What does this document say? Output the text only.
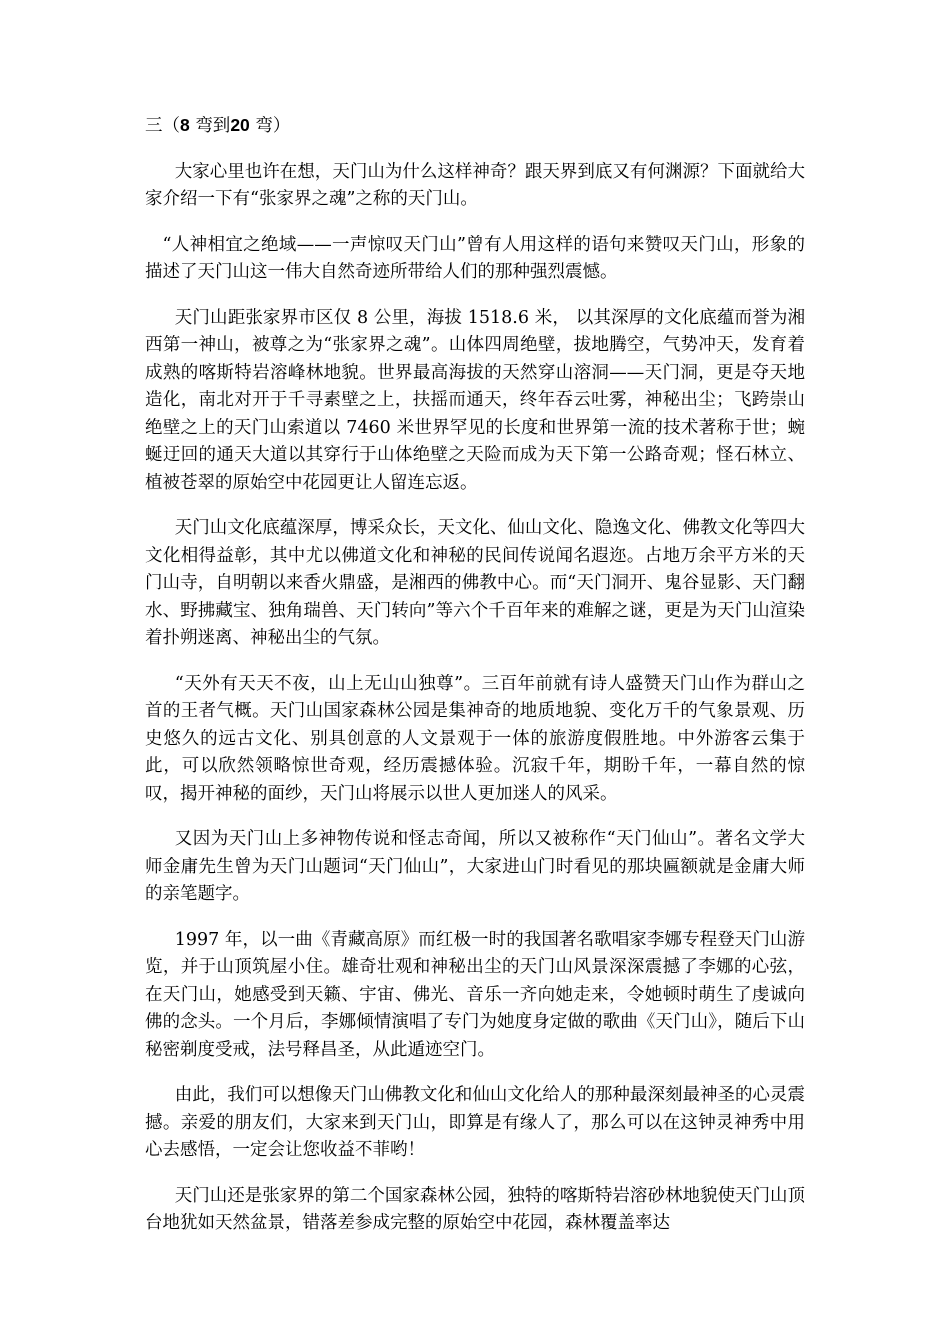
三（8 弯到20 弯）

大家心里也许在想，天门山为什么这样神奇？跟天界到底又有何渊源？下面就给大家介绍一下有“张家界之魂”之称的天门山。

“人神相宜之绝域——一声惊叹天门山”曾有人用这样的语句来赞叹天门山，形象的描述了天门山这一伟大自然奇迹所带给人们的那种强烈震憾。

天门山距张家界市区仅 8 公里，海拔 1518.6 米， 以其深厚的文化底蕴而誉为湘西第一神山，被尊之为“张家界之魂”。山体四周绝壁，拔地腾空，气势冲天，发育着成熟的喀斯特岩溶峰林地貌。世界最高海拔的天然穿山溶洞——天门洞，更是夺天地造化，南北对开于千寻素壁之上，扶摇而通天，终年吞云吐雾，神秘出尘；飞跨崇山绝壁之上的天门山索道以 7460 米世界罕见的长度和世界第一流的技术著称于世；蜿蜒迂回的通天大道以其穿行于山体绝壁之天险而成为天下第一公路奇观；怪石林立、植被苍翠的原始空中花园更让人留连忘返。

天门山文化底蕴深厚，博采众长，天文化、仙山文化、隐逸文化、佛教文化等四大文化相得益彰，其中尤以佛道文化和神秘的民间传说闻名遐迩。占地万余平方米的天门山寺，自明朝以来香火鼎盛，是湘西的佛教中心。而“天门洞开、鬼谷显影、天门翻水、野拂藏宝、独角瑞兽、天门转向”等六个千百年来的难解之谜，更是为天门山渲染着扑朔迷离、神秘出尘的气氛。

“天外有天天不夜，山上无山山独尊”。三百年前就有诗人盛赞天门山作为群山之首的王者气概。天门山国家森林公园是集神奇的地质地貌、变化万千的气象景观、历史悠久的远古文化、别具创意的人文景观于一体的旅游度假胜地。中外游客云集于此，可以欣然领略惊世奇观，经历震撼体验。沉寂千年，期盼千年，一幕自然的惊叹，揭开神秘的面纱，天门山将展示以世人更加迷人的风采。

又因为天门山上多神物传说和怪志奇闻，所以又被称作“天门仙山”。著名文学大师金庸先生曾为天门山题词“天门仙山”，大家进山门时看见的那块匾额就是金庸大师的亲笔题字。

1997 年，以一曲《青藏高原》而红极一时的我国著名歌唱家李娜专程登天门山游览，并于山顶筑屋小住。雄奇壮观和神秘出尘的天门山风景深深震撼了李娜的心弦，在天门山，她感受到天籁、宇宙、佛光、音乐一齐向她走来，令她顿时萌生了虔诚向佛的念头。一个月后，李娜倾情演唱了专门为她度身定做的歌曲《天门山》，随后下山秘密剃度受戒，法号释昌圣，从此遁迹空门。

由此，我们可以想像天门山佛教文化和仙山文化给人的那种最深刻最神圣的心灵震撼。亲爱的朋友们，大家来到天门山，即算是有缘人了，那么可以在这钟灵神秀中用心去感悟，一定会让您收益不菲哟！

天门山还是张家界的第二个国家森林公园，独特的喀斯特岩溶砂林地貌使天门山顶台地犹如天然盆景，错落差参成完整的原始空中花园，森林覆盖率达
